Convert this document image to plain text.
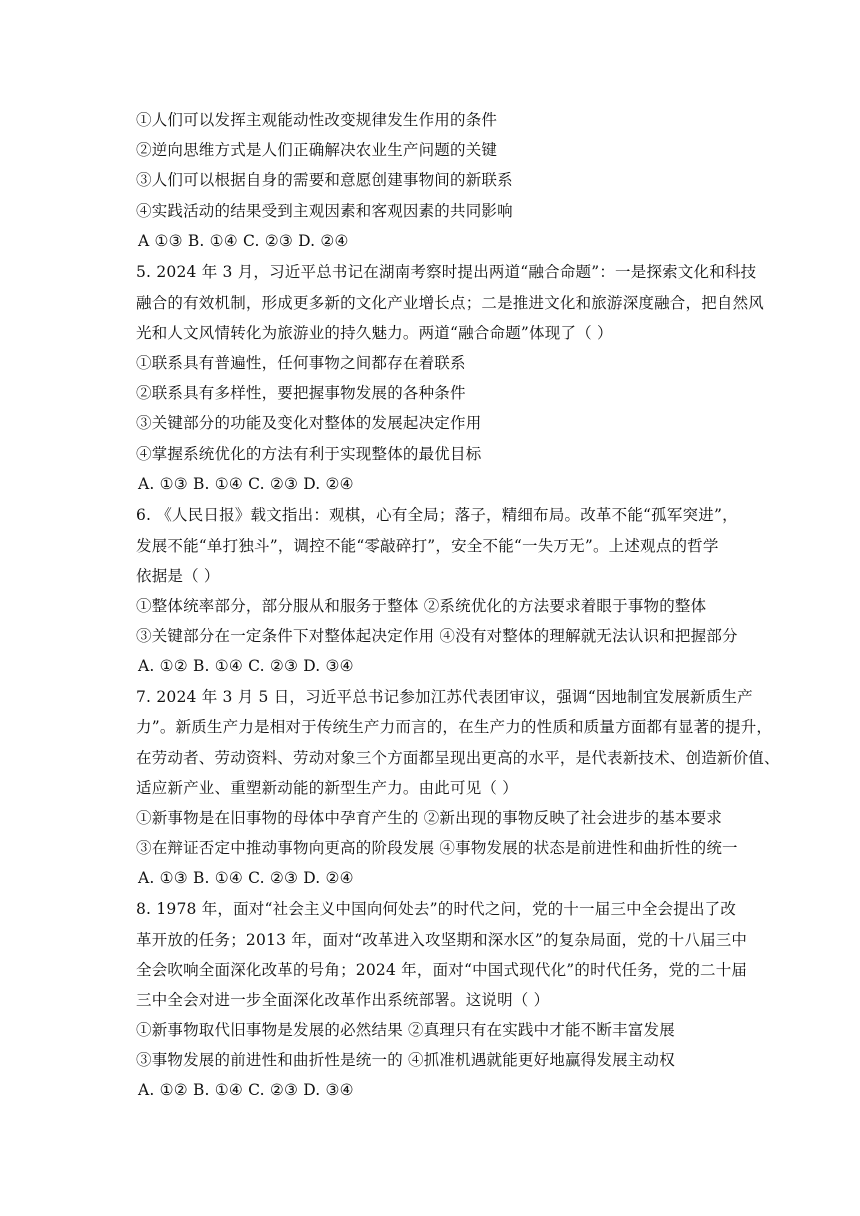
①人们可以发挥主观能动性改变规律发生作用的条件
②逆向思维方式是人们正确解决农业生产问题的关键
③人们可以根据自身的需要和意愿创建事物间的新联系
④实践活动的结果受到主观因素和客观因素的共同影响
A ①③ B. ①④ C. ②③ D. ②④
5. 2024 年 3 月，习近平总书记在湖南考察时提出两道“融合命题”：一是探索文化和科技
融合的有效机制，形成更多新的文化产业增长点；二是推进文化和旅游深度融合，把自然风
光和人文风情转化为旅游业的持久魅力。两道“融合命题”体现了（ ）
①联系具有普遍性，任何事物之间都存在着联系
②联系具有多样性，要把握事物发展的各种条件
③关键部分的功能及变化对整体的发展起决定作用
④掌握系统优化的方法有利于实现整体的最优目标
A. ①③ B. ①④ C. ②③ D. ②④
6. 《人民日报》载文指出：观棋，心有全局；落子，精细布局。改革不能“孤军突进”，
发展不能“单打独斗”，调控不能“零敲碎打”，安全不能“一失万无”。上述观点的哲学
依据是（ ）
①整体统率部分，部分服从和服务于整体 ②系统优化的方法要求着眼于事物的整体
③关键部分在一定条件下对整体起决定作用 ④没有对整体的理解就无法认识和把握部分
A. ①② B. ①④ C. ②③ D. ③④
7. 2024 年 3 月 5 日，习近平总书记参加江苏代表团审议，强调“因地制宜发展新质生产
力”。新质生产力是相对于传统生产力而言的，在生产力的性质和质量方面都有显著的提升，
在劳动者、劳动资料、劳动对象三个方面都呈现出更高的水平，是代表新技术、创造新价值、
适应新产业、重塑新动能的新型生产力。由此可见（ ）
①新事物是在旧事物的母体中孕育产生的 ②新出现的事物反映了社会进步的基本要求
③在辩证否定中推动事物向更高的阶段发展 ④事物发展的状态是前进性和曲折性的统一
A. ①③ B. ①④ C. ②③ D. ②④
8. 1978 年，面对“社会主义中国向何处去”的时代之问，党的十一届三中全会提出了改
革开放的任务；2013 年，面对“改革进入攻坚期和深水区”的复杂局面，党的十八届三中
全会吹响全面深化改革的号角；2024 年，面对“中国式现代化”的时代任务，党的二十届
三中全会对进一步全面深化改革作出系统部署。这说明（ ）
①新事物取代旧事物是发展的必然结果 ②真理只有在实践中才能不断丰富发展
③事物发展的前进性和曲折性是统一的 ④抓准机遇就能更好地赢得发展主动权
A. ①② B. ①④ C. ②③ D. ③④
